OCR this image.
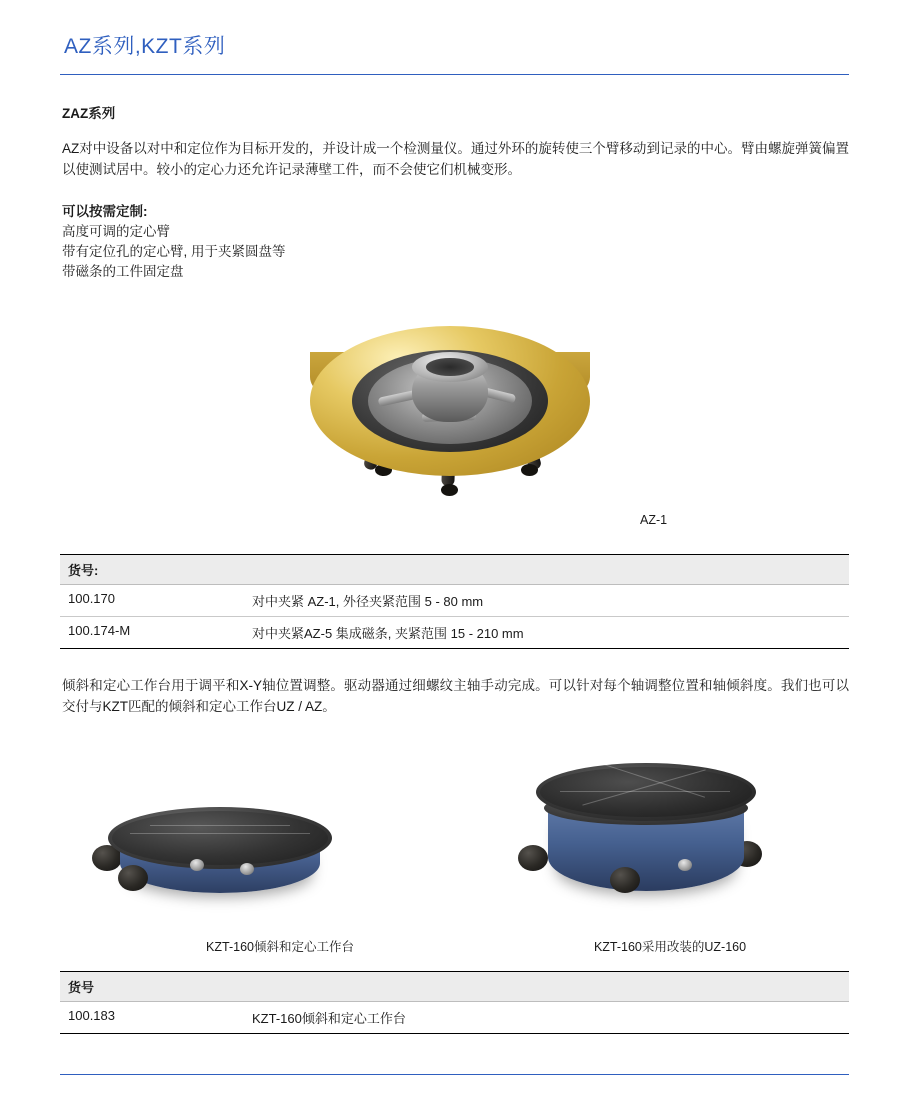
AZ系列,KZT系列
ZAZ系列
AZ对中设备以对中和定位作为目标开发的，并设计成一个检测量仪。通过外环的旋转使三个臂移动到记录的中心。臂由螺旋弹簧偏置以使测试居中。较小的定心力还允许记录薄壁工件，而不会使它们机械变形。
可以按需定制:
高度可调的定心臂
带有定位孔的定心臂, 用于夹紧圆盘等
带磁条的工件固定盘
AZ-1
货号:	
100.170	对中夹紧 AZ-1, 外径夹紧范围 5 - 80 mm
100.174-M	对中夹紧AZ-5 集成磁条, 夹紧范围 15 - 210 mm
倾斜和定心工作台用于调平和X-Y轴位置调整。驱动器通过细螺纹主轴手动完成。可以针对每个轴调整位置和轴倾斜度。我们也可以交付与KZT匹配的倾斜和定心工作台UZ / AZ。
KZT-160倾斜和定心工作台	KZT-160采用改装的UZ-160
货号
100.183	KZT-160倾斜和定心工作台
